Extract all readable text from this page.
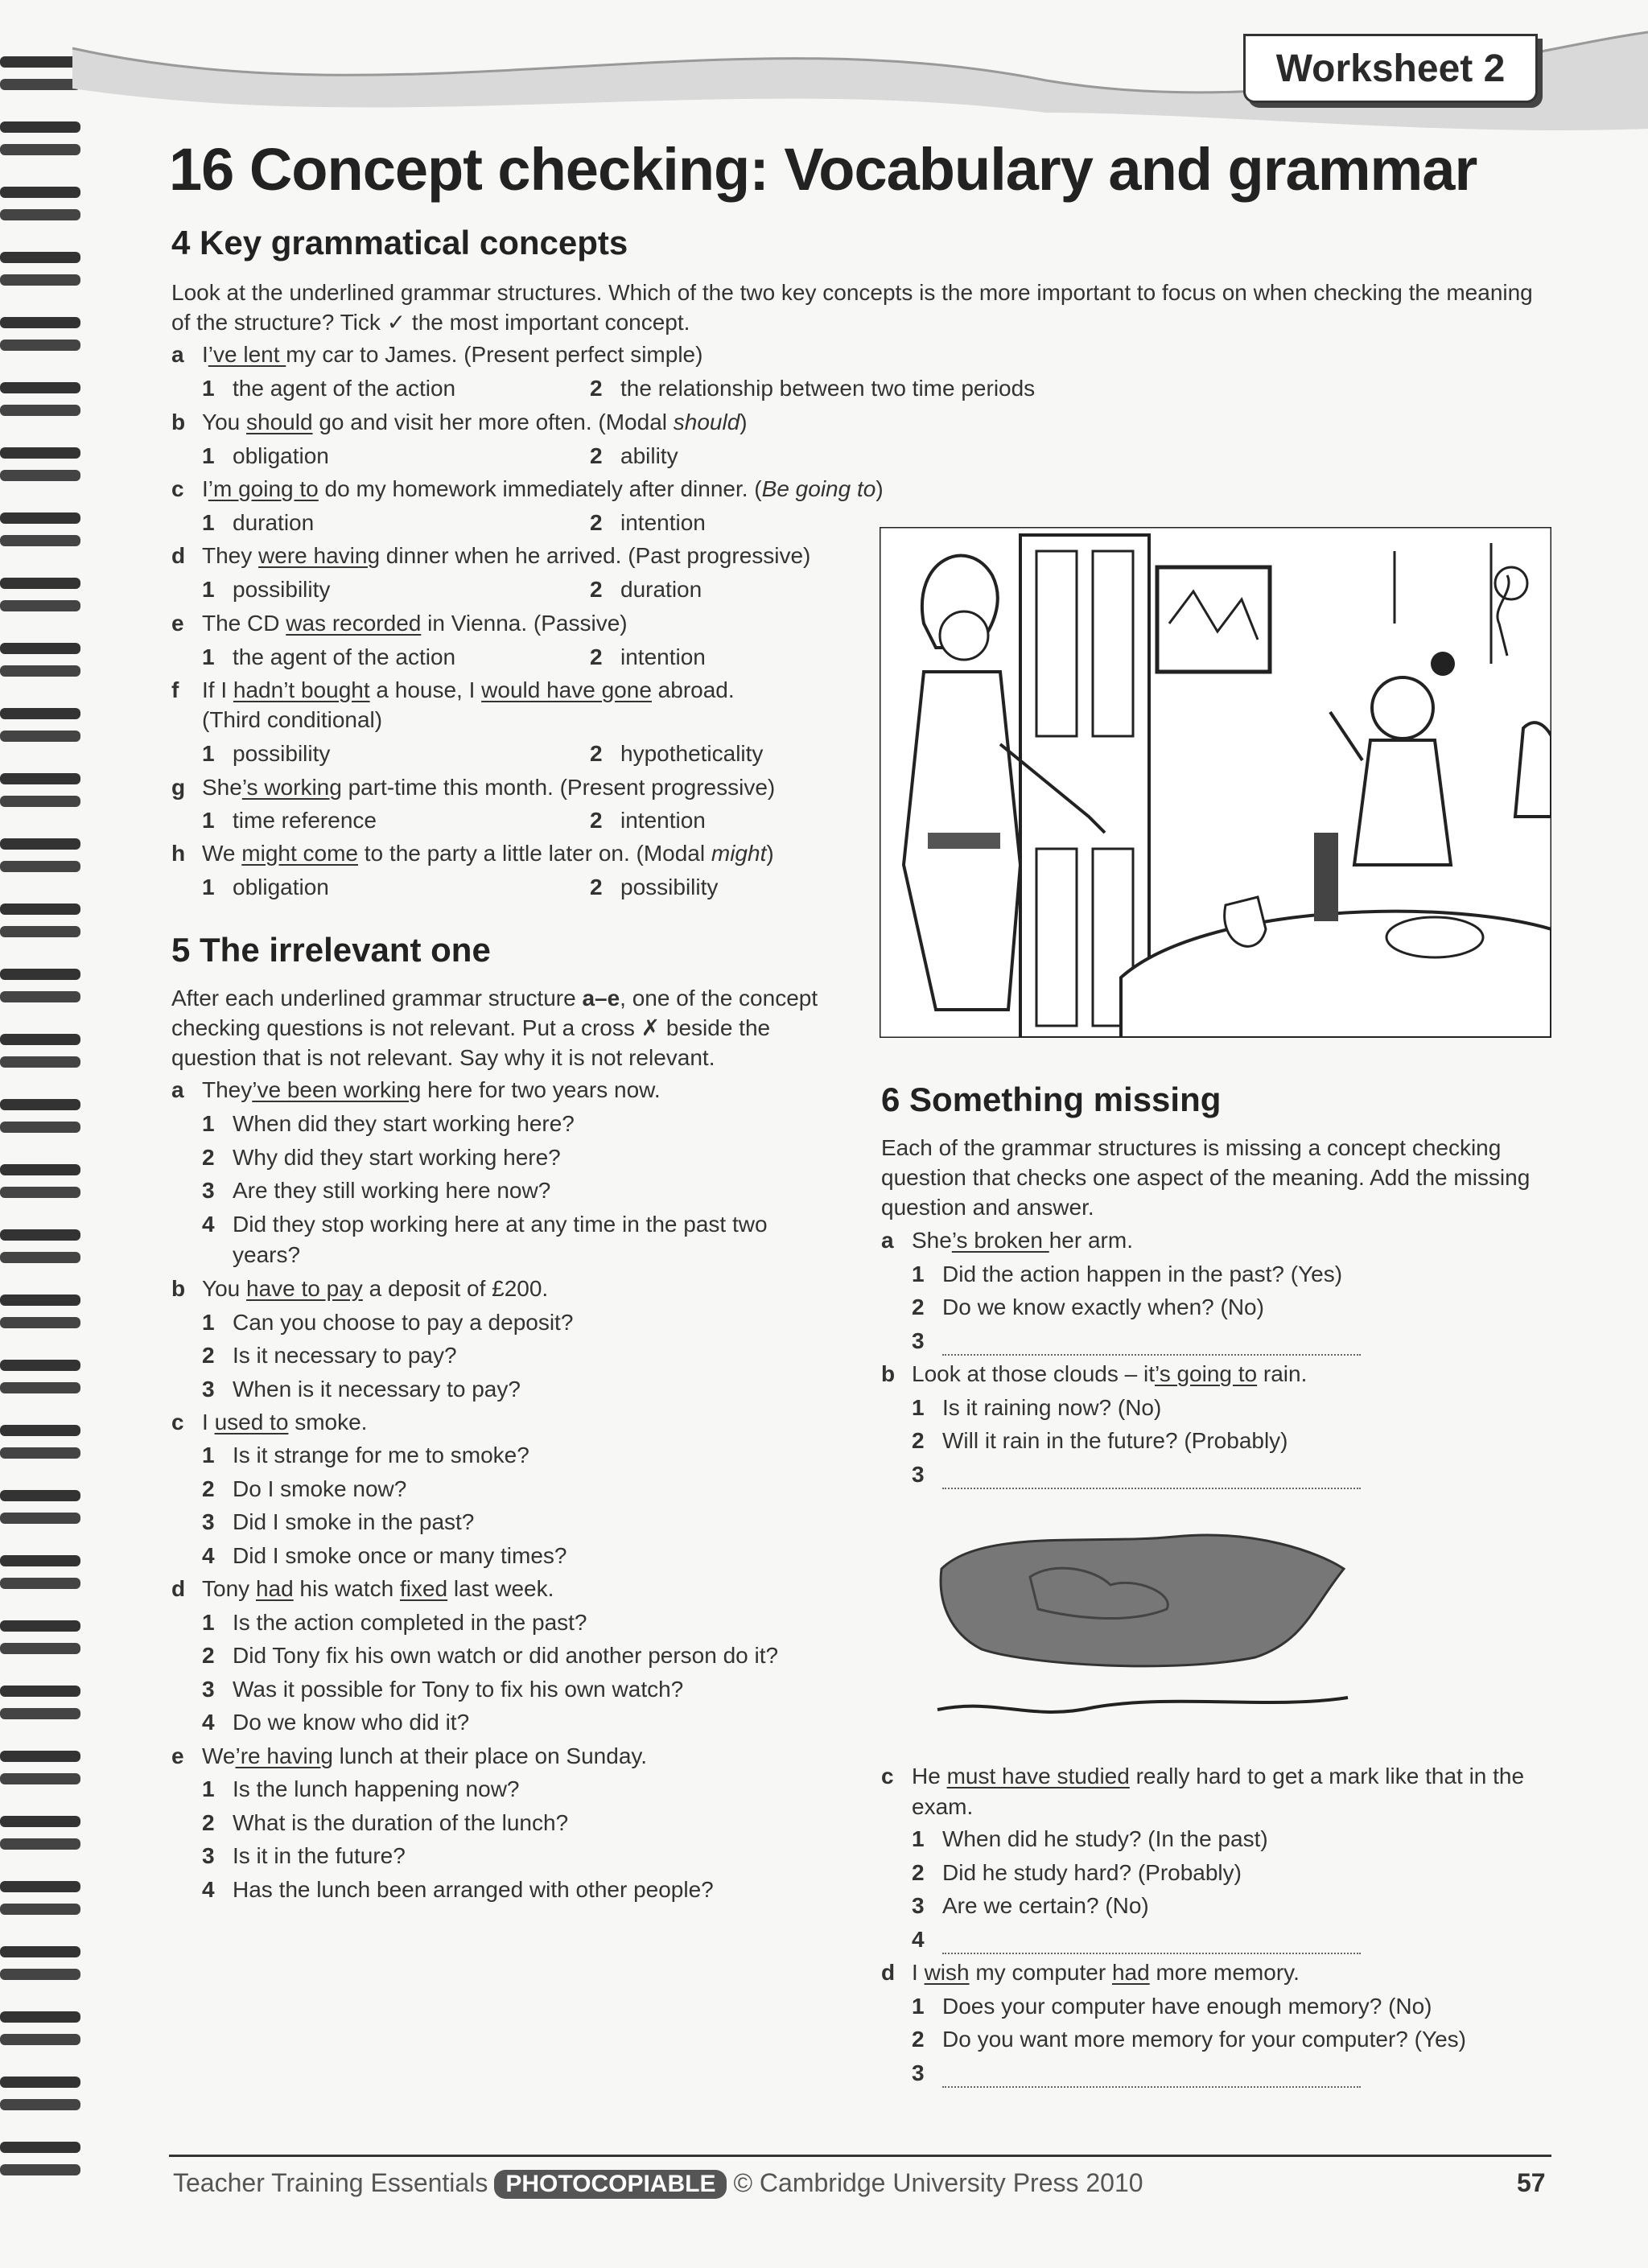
Worksheet 2
16 Concept checking: Vocabulary and grammar
4 Key grammatical concepts

Look at the underlined grammar structures. Which of the two key concepts is the more important to focus on when checking the meaning of the structure? Tick ✓ the most important concept.

a I’ve lent my car to James. (Present perfect simple)
1 the agent of the action	2 the relationship between two time periods
b You should go and visit her more often. (Modal should)
1 obligation	2 ability
c I’m going to do my homework immediately after dinner. (Be going to)
1 duration	2 intention
d They were having dinner when he arrived. (Past progressive)
1 possibility	2 duration
e The CD was recorded in Vienna. (Passive)
1 the agent of the action	2 intention
f If I hadn’t bought a house, I would have gone abroad.
(Third conditional)
1 possibility	2 hypotheticality
g She’s working part-time this month. (Present progressive)
1 time reference	2 intention
h We might come to the party a little later on. (Modal might)
1 obligation	2 possibility
5 The irrelevant one

After each underlined grammar structure a–e, one of the concept checking questions is not relevant. Put a cross ✗ beside the question that is not relevant. Say why it is not relevant.

a They’ve been working here for two years now.
1 When did they start working here?
2 Why did they start working here?
3 Are they still working here now?
4 Did they stop working here at any time in the past two
years?
b You have to pay a deposit of £200.
1 Can you choose to pay a deposit?
2 Is it necessary to pay?
3 When is it necessary to pay?
c I used to smoke.
1 Is it strange for me to smoke?
2 Do I smoke now?
3 Did I smoke in the past?
4 Did I smoke once or many times?
d Tony had his watch fixed last week.
1 Is the action completed in the past?
2 Did Tony fix his own watch or did another person do it?
3 Was it possible for Tony to fix his own watch?
4 Do we know who did it?
e We’re having lunch at their place on Sunday.
1 Is the lunch happening now?
2 What is the duration of the lunch?
3 Is it in the future?
4 Has the lunch been arranged with other people?
6 Something missing

Each of the grammar structures is missing a concept checking question that checks one aspect of the meaning. Add the missing question and answer.

a She’s broken her arm.
1 Did the action happen in the past? (Yes)
2 Do we know exactly when? (No)
3
b Look at those clouds – it’s going to rain.
1 Is it raining now? (No)
2 Will it rain in the future? (Probably)
3
c He must have studied really hard to get a mark like that in the
exam.
1 When did he study? (In the past)
2 Did he study hard? (Probably)
3 Are we certain? (No)
4
d I wish my computer had more memory.
1 Does your computer have enough memory? (No)
2 Do you want more memory for your computer? (Yes)
3
Teacher Training Essentials PHOTOCOPIABLE © Cambridge University Press 2010	57
